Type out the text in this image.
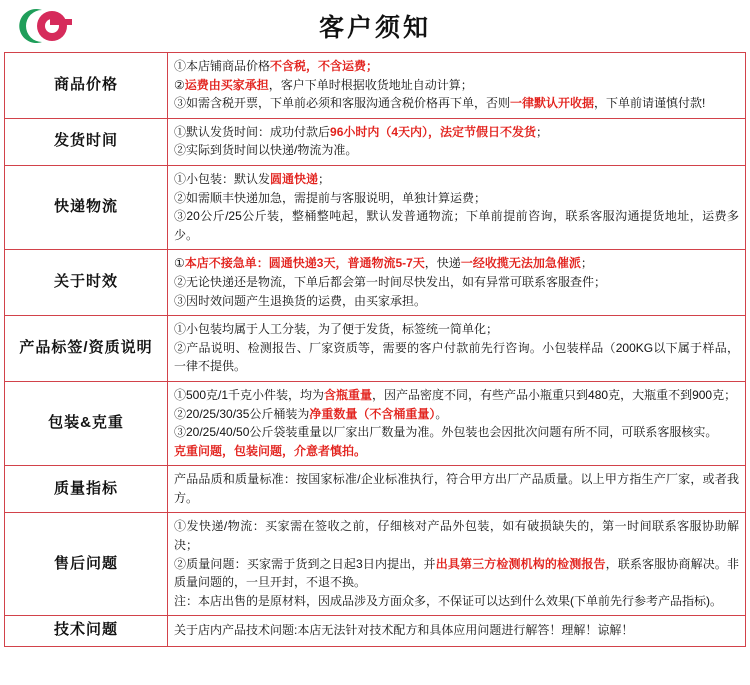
客户须知
商品价格	①本店铺商品价格不含税，不含运费；

②运费由买家承担，客户下单时根据收货地址自动计算；

③如需含税开票，下单前必须和客服沟通含税价格再下单，否则一律默认开收据，下单前请谨慎付款!

发货时间	①默认发货时间：成功付款后96小时内（4天内），法定节假日不发货；

②实际到货时间以快递/物流为准。

快递物流	①小包装：默认发圆通快递；

②如需顺丰快递加急，需提前与客服说明，单独计算运费；

③20公斤/25公斤装，整桶整吨起，默认发普通物流；下单前提前咨询，联系客服沟通提货地址，运费多少。

关于时效	①本店不接急单：圆通快递3天，普通物流5-7天，快递一经收揽无法加急催派；

②无论快递还是物流，下单后都会第一时间尽快发出，如有异常可联系客服查件；

③因时效问题产生退换货的运费，由买家承担。

产品标签/资质说明	①小包装均属于人工分装，为了便于发货，标签统一简单化；

②产品说明、检测报告、厂家资质等，需要的客户付款前先行咨询。小包装样品（200KG以下属于样品，一律不提供。

包装&克重	①500克/1千克小件装，均为含瓶重量，因产品密度不同，有些产品小瓶重只到480克，大瓶重不到900克；

②20/25/30/35公斤桶装为净重数量（不含桶重量）。

③20/25/40/50公斤袋装重量以厂家出厂数量为准。外包装也会因批次问题有所不同，可联系客服核实。

克重问题，包装问题，介意者慎拍。

质量指标	产品品质和质量标准：按国家标准/企业标准执行，符合甲方出厂产品质量。以上甲方指生产厂家，或者我方。

售后问题	①发快递/物流：买家需在签收之前，仔细核对产品外包装，如有破损缺失的，第一时间联系客服协助解决；

②质量问题：买家需于货到之日起3日内提出，并出具第三方检测机构的检测报告，联系客服协商解决。非质量问题的，一旦开封，不退不换。

注：本店出售的是原材料，因成品涉及方面众多，不保证可以达到什么效果(下单前先行参考产品指标)。

技术问题	关于店内产品技术问题:本店无法针对技术配方和具体应用问题进行解答！理解！谅解！
